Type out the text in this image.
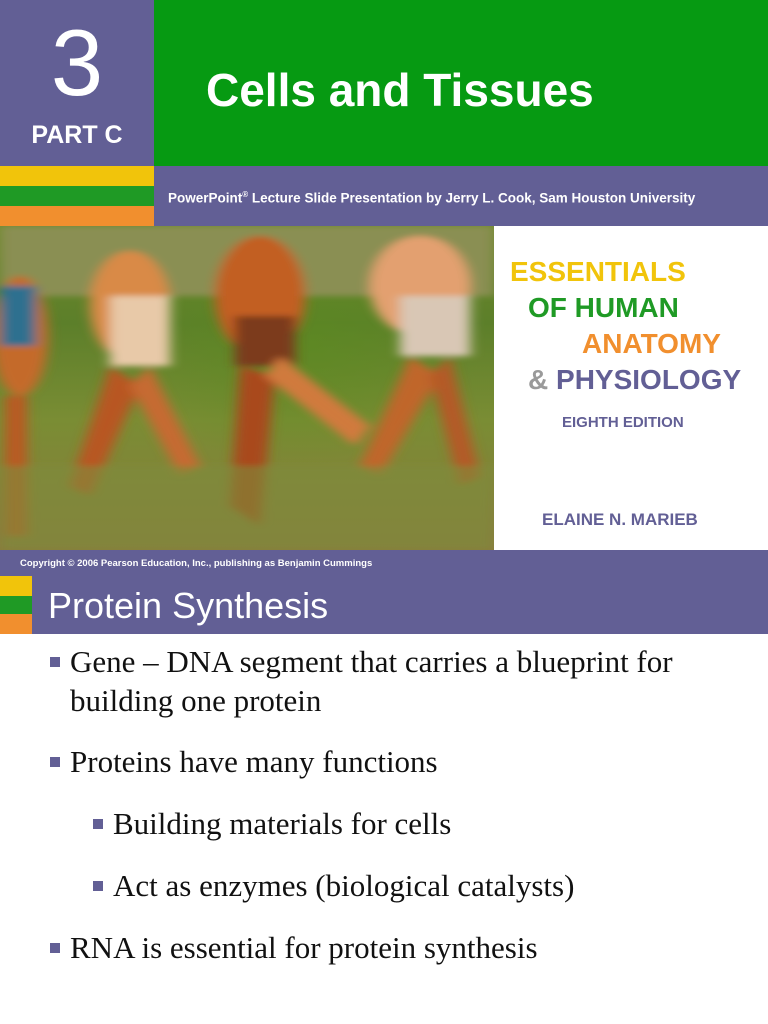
3
PART C
Cells and Tissues
PowerPoint® Lecture Slide Presentation by Jerry L. Cook, Sam Houston University
ESSENTIALS
OF HUMAN
ANATOMY
& PHYSIOLOGY
EIGHTH EDITION
ELAINE N. MARIEB
Copyright © 2006 Pearson Education, Inc., publishing as Benjamin Cummings
Protein Synthesis
Gene – DNA segment that carries a blueprint for building one protein
Proteins have many functions
Building materials for cells
Act as enzymes (biological catalysts)
RNA is essential for protein synthesis
